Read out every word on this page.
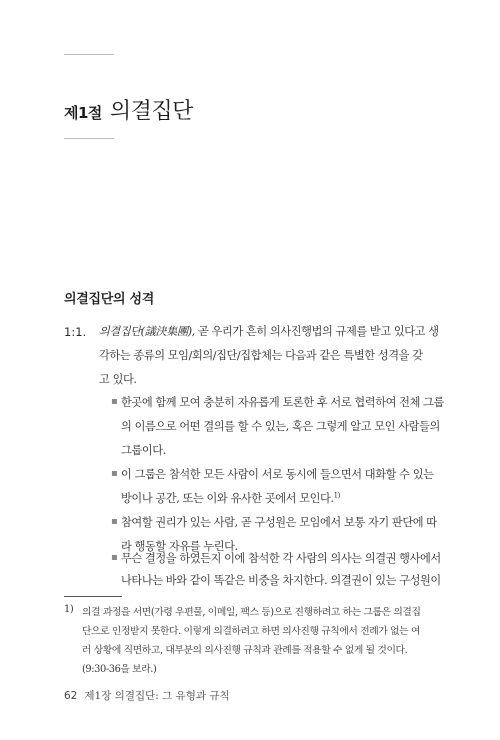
제1절 의결집단
의결집단의 성격
1:1. 의결집단(議決集團), 곧 우리가 흔히 의사진행법의 규제를 받고 있다고 생
각하는 종류의 모임/회의/집단/집합체는 다음과 같은 특별한 성격을 갖
고 있다.
▪ 한곳에 함께 모여 충분히 자유롭게 토론한 후 서로 협력하여 전체 그룹
의 이름으로 어떤 결의를 할 수 있는, 혹은 그렇게 알고 모인 사람들의
그룹이다.
▪ 이 그룹은 참석한 모든 사람이 서로 동시에 들으면서 대화할 수 있는
방이나 공간, 또는 이와 유사한 곳에서 모인다.$^{1)}$
▪ 참여할 권리가 있는 사람, 곧 구성원은 모임에서 보통 자기 판단에 따
라 행동할 자유를 누린다.
▪ 무슨 결정을 하였든지 이에 참석한 각 사람의 의사는 의결권 행사에서
나타나는 바와 같이 똑같은 비중을 차지한다. 의결권이 있는 구성원이
1) 의결 과정을 서면(가령 우편물, 이메일, 팩스 등)으로 진행하려고 하는 그룹은 의결집
단으로 인정받지 못한다. 이렇게 의결하려고 하면 의사진행 규칙에서 전례가 없는 여
러 상황에 직면하고, 대부분의 의사진행 규칙과 관례를 적용할 수 없게 될 것이다.
(9:30-36을 보라.)
62 제1장 의결집단: 그 유형과 규칙
